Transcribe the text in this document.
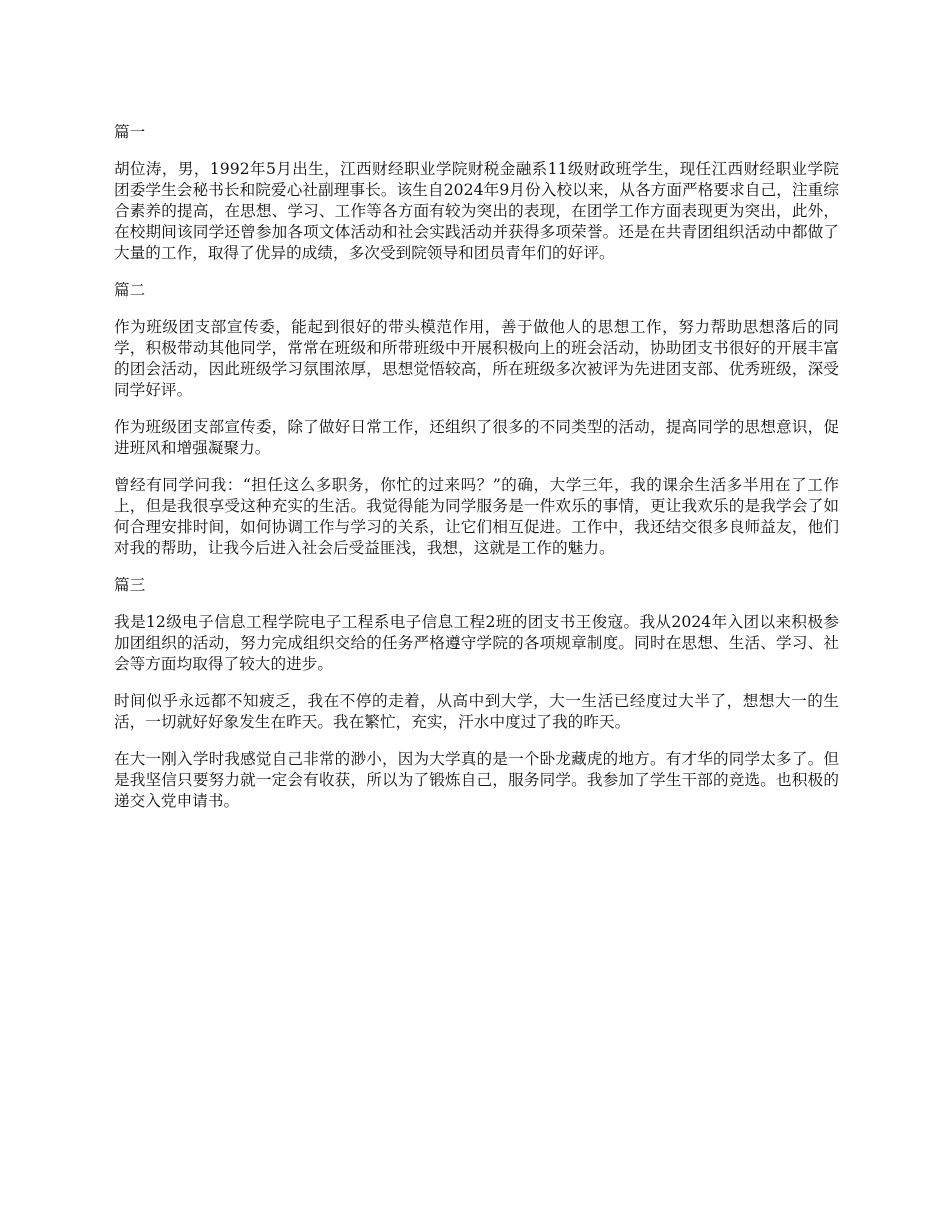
篇一

胡位涛，男，1992年5月出生，江西财经职业学院财税金融系11级财政班学生，现任江西财经职业学院团委学生会秘书长和院爱心社副理事长。该生自2024年9月份入校以来，从各方面严格要求自己，注重综合素养的提高，在思想、学习、工作等各方面有较为突出的表现，在团学工作方面表现更为突出，此外，在校期间该同学还曾参加各项文体活动和社会实践活动并获得多项荣誉。还是在共青团组织活动中都做了大量的工作，取得了优异的成绩，多次受到院领导和团员青年们的好评。

篇二

作为班级团支部宣传委，能起到很好的带头模范作用，善于做他人的思想工作，努力帮助思想落后的同学，积极带动其他同学，常常在班级和所带班级中开展积极向上的班会活动，协助团支书很好的开展丰富的团会活动，因此班级学习氛围浓厚，思想觉悟较高，所在班级多次被评为先进团支部、优秀班级，深受同学好评。

作为班级团支部宣传委，除了做好日常工作，还组织了很多的不同类型的活动，提高同学的思想意识，促进班风和增强凝聚力。

曾经有同学问我：“担任这么多职务，你忙的过来吗？”的确，大学三年，我的课余生活多半用在了工作上，但是我很享受这种充实的生活。我觉得能为同学服务是一件欢乐的事情，更让我欢乐的是我学会了如何合理安排时间，如何协调工作与学习的关系，让它们相互促进。工作中，我还结交很多良师益友，他们对我的帮助，让我今后进入社会后受益匪浅，我想，这就是工作的魅力。

篇三

我是12级电子信息工程学院电子工程系电子信息工程2班的团支书王俊寇。我从2024年入团以来积极参加团组织的活动，努力完成组织交给的任务严格遵守学院的各项规章制度。同时在思想、生活、学习、社会等方面均取得了较大的进步。

时间似乎永远都不知疲乏，我在不停的走着，从高中到大学，大一生活已经度过大半了，想想大一的生活，一切就好好象发生在昨天。我在繁忙，充实，汗水中度过了我的昨天。

在大一刚入学时我感觉自己非常的渺小，因为大学真的是一个卧龙藏虎的地方。有才华的同学太多了。但是我坚信只要努力就一定会有收获，所以为了锻炼自己，服务同学。我参加了学生干部的竞选。也积极的递交入党申请书。
